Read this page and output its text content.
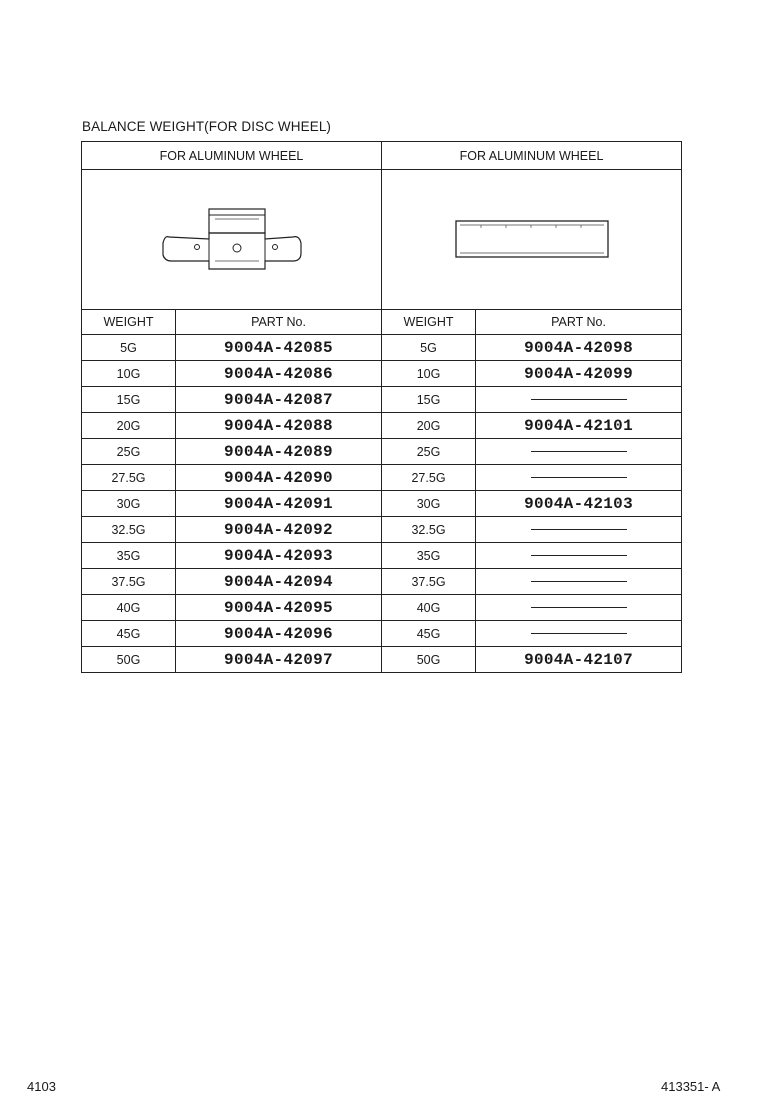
BALANCE WEIGHT(FOR DISC WHEEL)
FOR ALUMINUM WHEEL		FOR ALUMINUM WHEEL	

WEIGHT	PART No.	WEIGHT	PART No.
5G	9004A-42085	5G	9004A-42098
10G	9004A-42086	10G	9004A-42099
15G	9004A-42087	15G	
20G	9004A-42088	20G	9004A-42101
25G	9004A-42089	25G	
27.5G	9004A-42090	27.5G	
30G	9004A-42091	30G	9004A-42103
32.5G	9004A-42092	32.5G	
35G	9004A-42093	35G	
37.5G	9004A-42094	37.5G	
40G	9004A-42095	40G	
45G	9004A-42096	45G	
50G	9004A-42097	50G	9004A-42107
4103	413351- A
